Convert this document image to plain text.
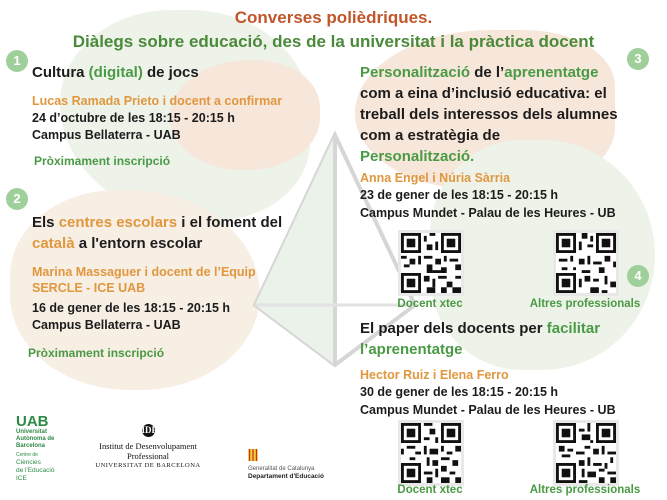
Converses polièdriques.
Diàlegs sobre educació, des de la universitat i la pràctica docent
1
Cultura (digital) de jocs
Lucas Ramada Prieto i docent a confirmar
24 d’octubre de les 18:15 - 20:15 h
Campus Bellaterra - UAB
Pròximament inscripció
2
Els centres escolars i el foment del
català a l'entorn escolar
Marina Massaguer i docent de l’Equip
SERCLE - ICE UAB
16 de gener de les 18:15 - 20:15 h
Campus Bellaterra - UAB
Pròximament inscripció
3
Personalització de l’aprenentatge
com a eina d’inclusió educativa: el
treball dels interessos dels alumnes
com a estratègia de
Personalització.
Anna Engel i Núria Sàrria
23 de gener de les 18:15 - 20:15 h
Campus Mundet - Palau de les Heures - UB
Docent xtec	Altres professionals
4
El paper dels docents per facilitar
l’aprenentatge
Hector Ruiz i Elena Ferro
30 de gener de les 18:15 - 20:15 h
Campus Mundet - Palau de les Heures - UB
Docent xtec	Altres professionals
UAB
Universitat Autònoma de Barcelona
Centre de
Ciències
de l'Educació
ICE
IDP
Institut de Desenvolupament
Professional
UNIVERSITAT DE BARCELONA	Generalitat de Catalunya
Departament d'Educació
